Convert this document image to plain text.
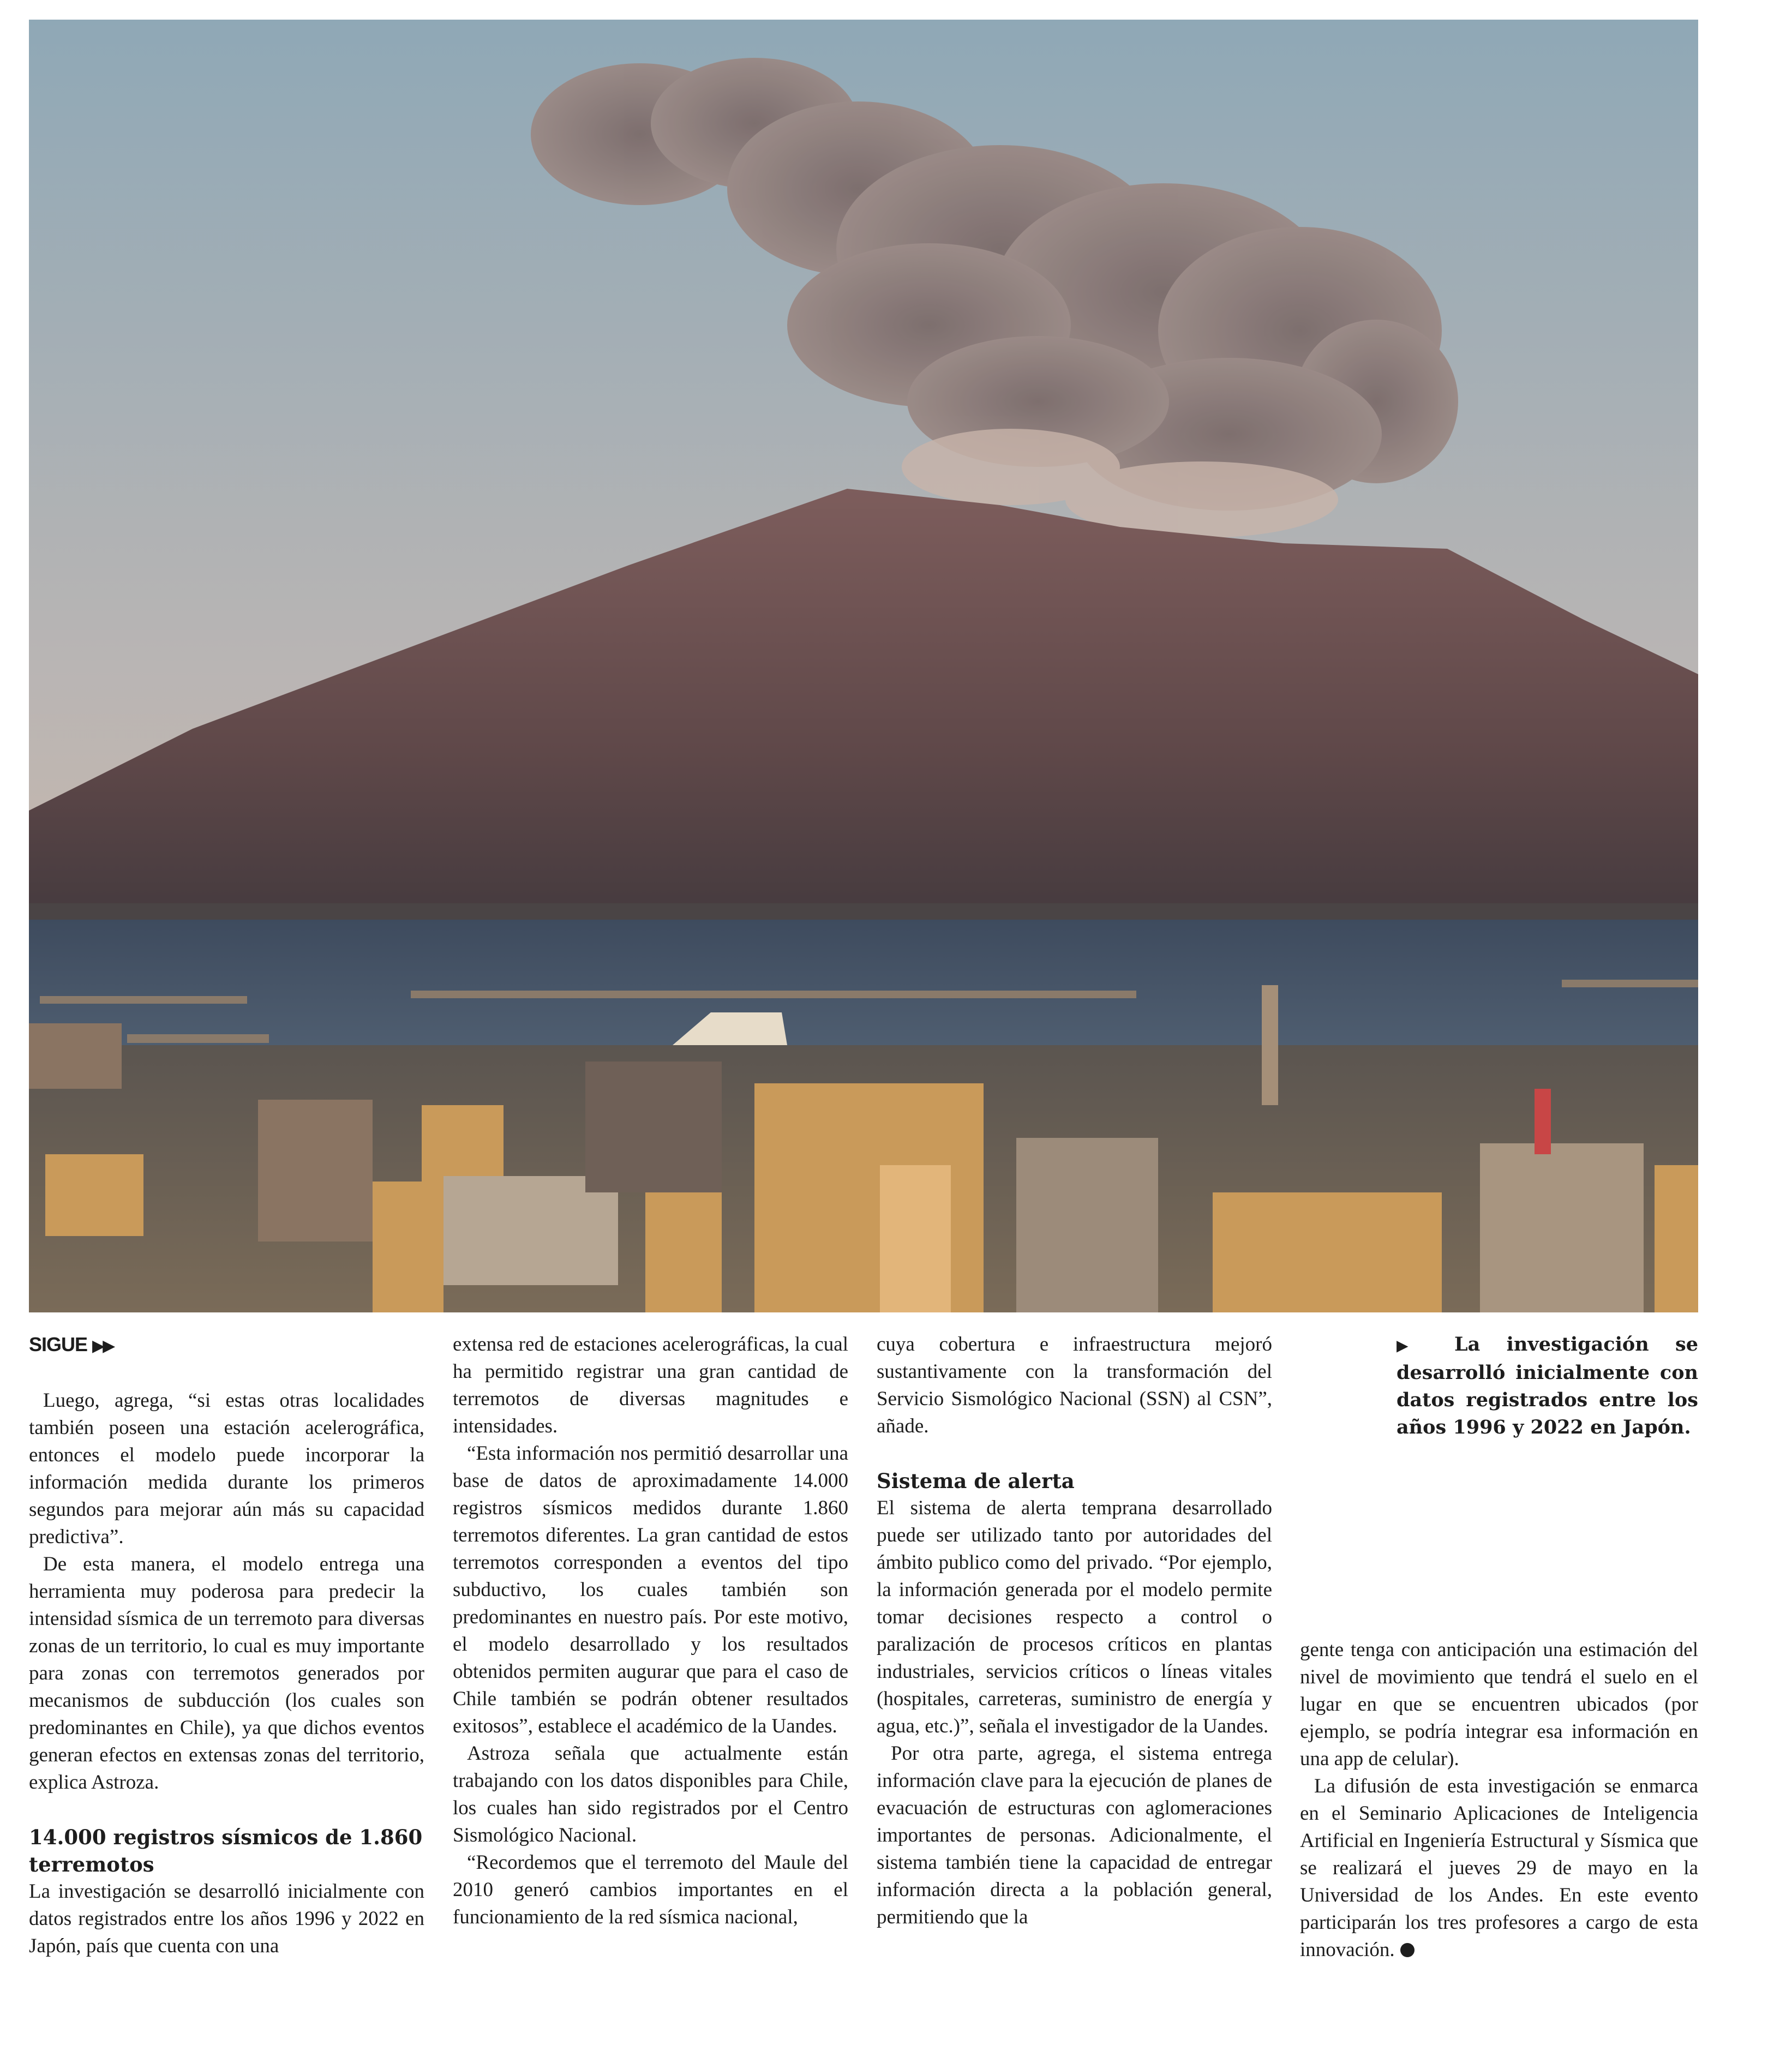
SIGUE ▶▶

Luego, agrega, “si estas otras localidades también poseen una estación acelerográfica, entonces el modelo puede incorporar la información medida durante los primeros segundos para mejorar aún más su capacidad predictiva”.

De esta manera, el modelo entrega una herramienta muy poderosa para predecir la intensidad sísmica de un terremoto para diversas zonas de un territorio, lo cual es muy importante para zonas con terremotos generados por mecanismos de subducción (los cuales son predominantes en Chile), ya que dichos eventos generan efectos en extensas zonas del territorio, explica Astroza.

14.000 registros sísmicos de 1.860 terremotos

La investigación se desarrolló inicialmente con datos registrados entre los años 1996 y 2022 en Japón, país que cuenta con una

extensa red de estaciones acelerográficas, la cual ha permitido registrar una gran cantidad de terremotos de diversas magnitudes e intensidades.

“Esta información nos permitió desarrollar una base de datos de aproximadamente 14.000 registros sísmicos medidos durante 1.860 terremotos diferentes. La gran cantidad de estos terremotos corresponden a eventos del tipo subductivo, los cuales también son predominantes en nuestro país. Por este motivo, el modelo desarrollado y los resultados obtenidos permiten augurar que para el caso de Chile también se podrán obtener resultados exitosos”, establece el académico de la Uandes.

Astroza señala que actualmente están trabajando con los datos disponibles para Chile, los cuales han sido registrados por el Centro Sismológico Nacional.

“Recordemos que el terremoto del Maule del 2010 generó cambios importantes en el funcionamiento de la red sísmica nacional,

cuya cobertura e infraestructura mejoró sustantivamente con la transformación del Servicio Sismológico Nacional (SSN) al CSN”, añade.

Sistema de alerta

El sistema de alerta temprana desarrollado puede ser utilizado tanto por autoridades del ámbito publico como del privado. “Por ejemplo, la información generada por el modelo permite tomar decisiones respecto a control o paralización de procesos críticos en plantas industriales, servicios críticos o líneas vitales (hospitales, carreteras, suministro de energía y agua, etc.)”, señala el investigador de la Uandes.

Por otra parte, agrega, el sistema entrega información clave para la ejecución de planes de evacuación de estructuras con aglomeraciones importantes de personas. Adicionalmente, el sistema también tiene la capacidad de entregar información directa a la población general, permitiendo que la

▶ La investigación se desarrolló inicialmente con datos registrados entre los años 1996 y 2022 en Japón.

gente tenga con anticipación una estimación del nivel de movimiento que tendrá el suelo en el lugar en que se encuentren ubicados (por ejemplo, se podría integrar esa información en una app de celular).

La difusión de esta investigación se enmarca en el Seminario Aplicaciones de Inteligencia Artificial en Ingeniería Estructural y Sísmica que se realizará el jueves 29 de mayo en la Universidad de los Andes. En este evento participarán los tres profesores a cargo de esta innovación.
